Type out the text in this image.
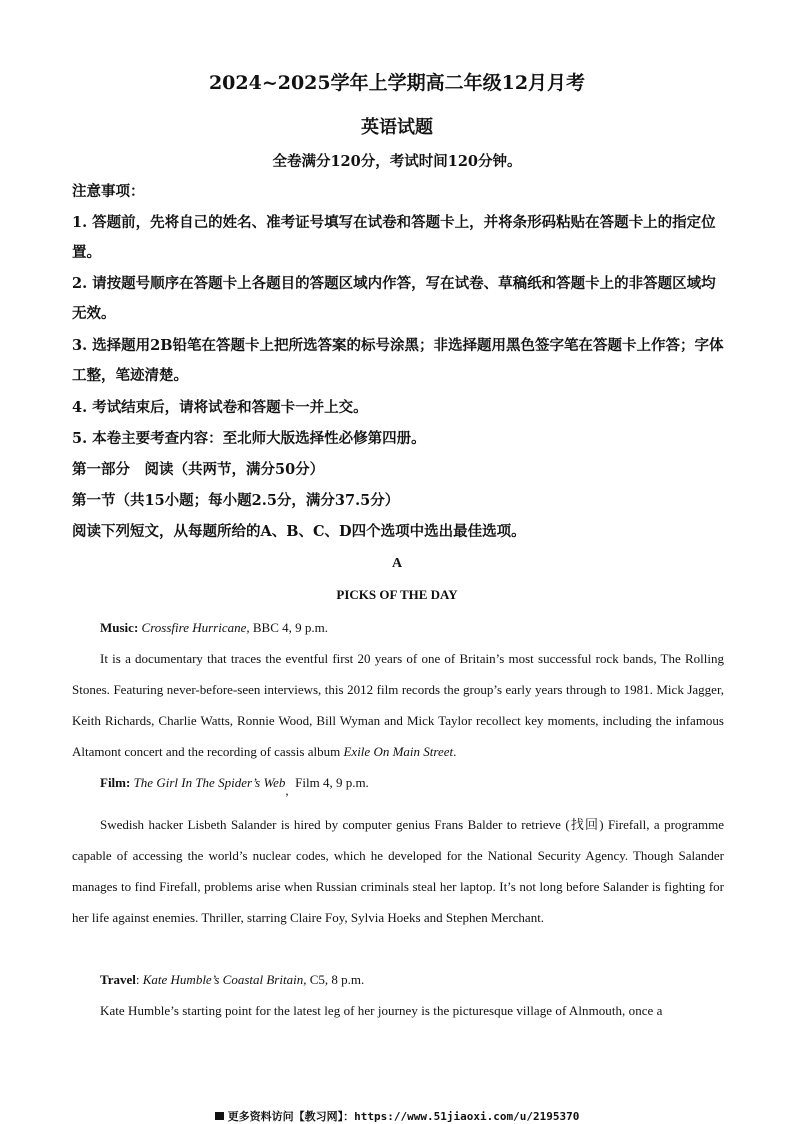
2024~2025学年上学期高二年级12月月考
英语试题
全卷满分120分，考试时间120分钟。
注意事项：
1. 答题前，先将自己的姓名、准考证号填写在试卷和答题卡上，并将条形码粘贴在答题卡上的指定位置。
2. 请按题号顺序在答题卡上各题目的答题区域内作答，写在试卷、草稿纸和答题卡上的非答题区域均无效。
3. 选择题用2B铅笔在答题卡上把所选答案的标号涂黑；非选择题用黑色签字笔在答题卡上作答；字体工整，笔迹清楚。
4. 考试结束后，请将试卷和答题卡一并上交。
5. 本卷主要考查内容：至北师大版选择性必修第四册。
第一部分　阅读（共两节，满分50分）
第一节（共15小题；每小题2.5分，满分37.5分）
阅读下列短文，从每题所给的A、B、C、D四个选项中选出最佳选项。
A
PICKS OF THE DAY
Music: Crossfire Hurricane, BBC 4, 9 p.m.
It is a documentary that traces the eventful first 20 years of one of Britain’s most successful rock bands, The Rolling Stones. Featuring never-before-seen interviews, this 2012 film records the group’s early years through to 1981. Mick Jagger, Keith Richards, Charlie Watts, Ronnie Wood, Bill Wyman and Mick Taylor recollect key moments, including the infamous Altamont concert and the recording of cassis album Exile On Main Street.
Film: The Girl In The Spider’s Web,  Film 4, 9 p.m.
Swedish hacker Lisbeth Salander is hired by computer genius Frans Balder to retrieve (找回) Firefall, a programme capable of accessing the world’s nuclear codes, which he developed for the National Security Agency. Though Salander manages to find Firefall, problems arise when Russian criminals steal her laptop. It’s not long before Salander is fighting for her life against enemies. Thriller, starring Claire Foy, Sylvia Hoeks and Stephen Merchant.
Travel: Kate Humble’s Coastal Britain, C5, 8 p.m.
Kate Humble’s starting point for the latest leg of her journey is the picturesque village of Alnmouth, once a
更多资料访问【教习网】：https://www.51jiaoxi.com/u/2195370
